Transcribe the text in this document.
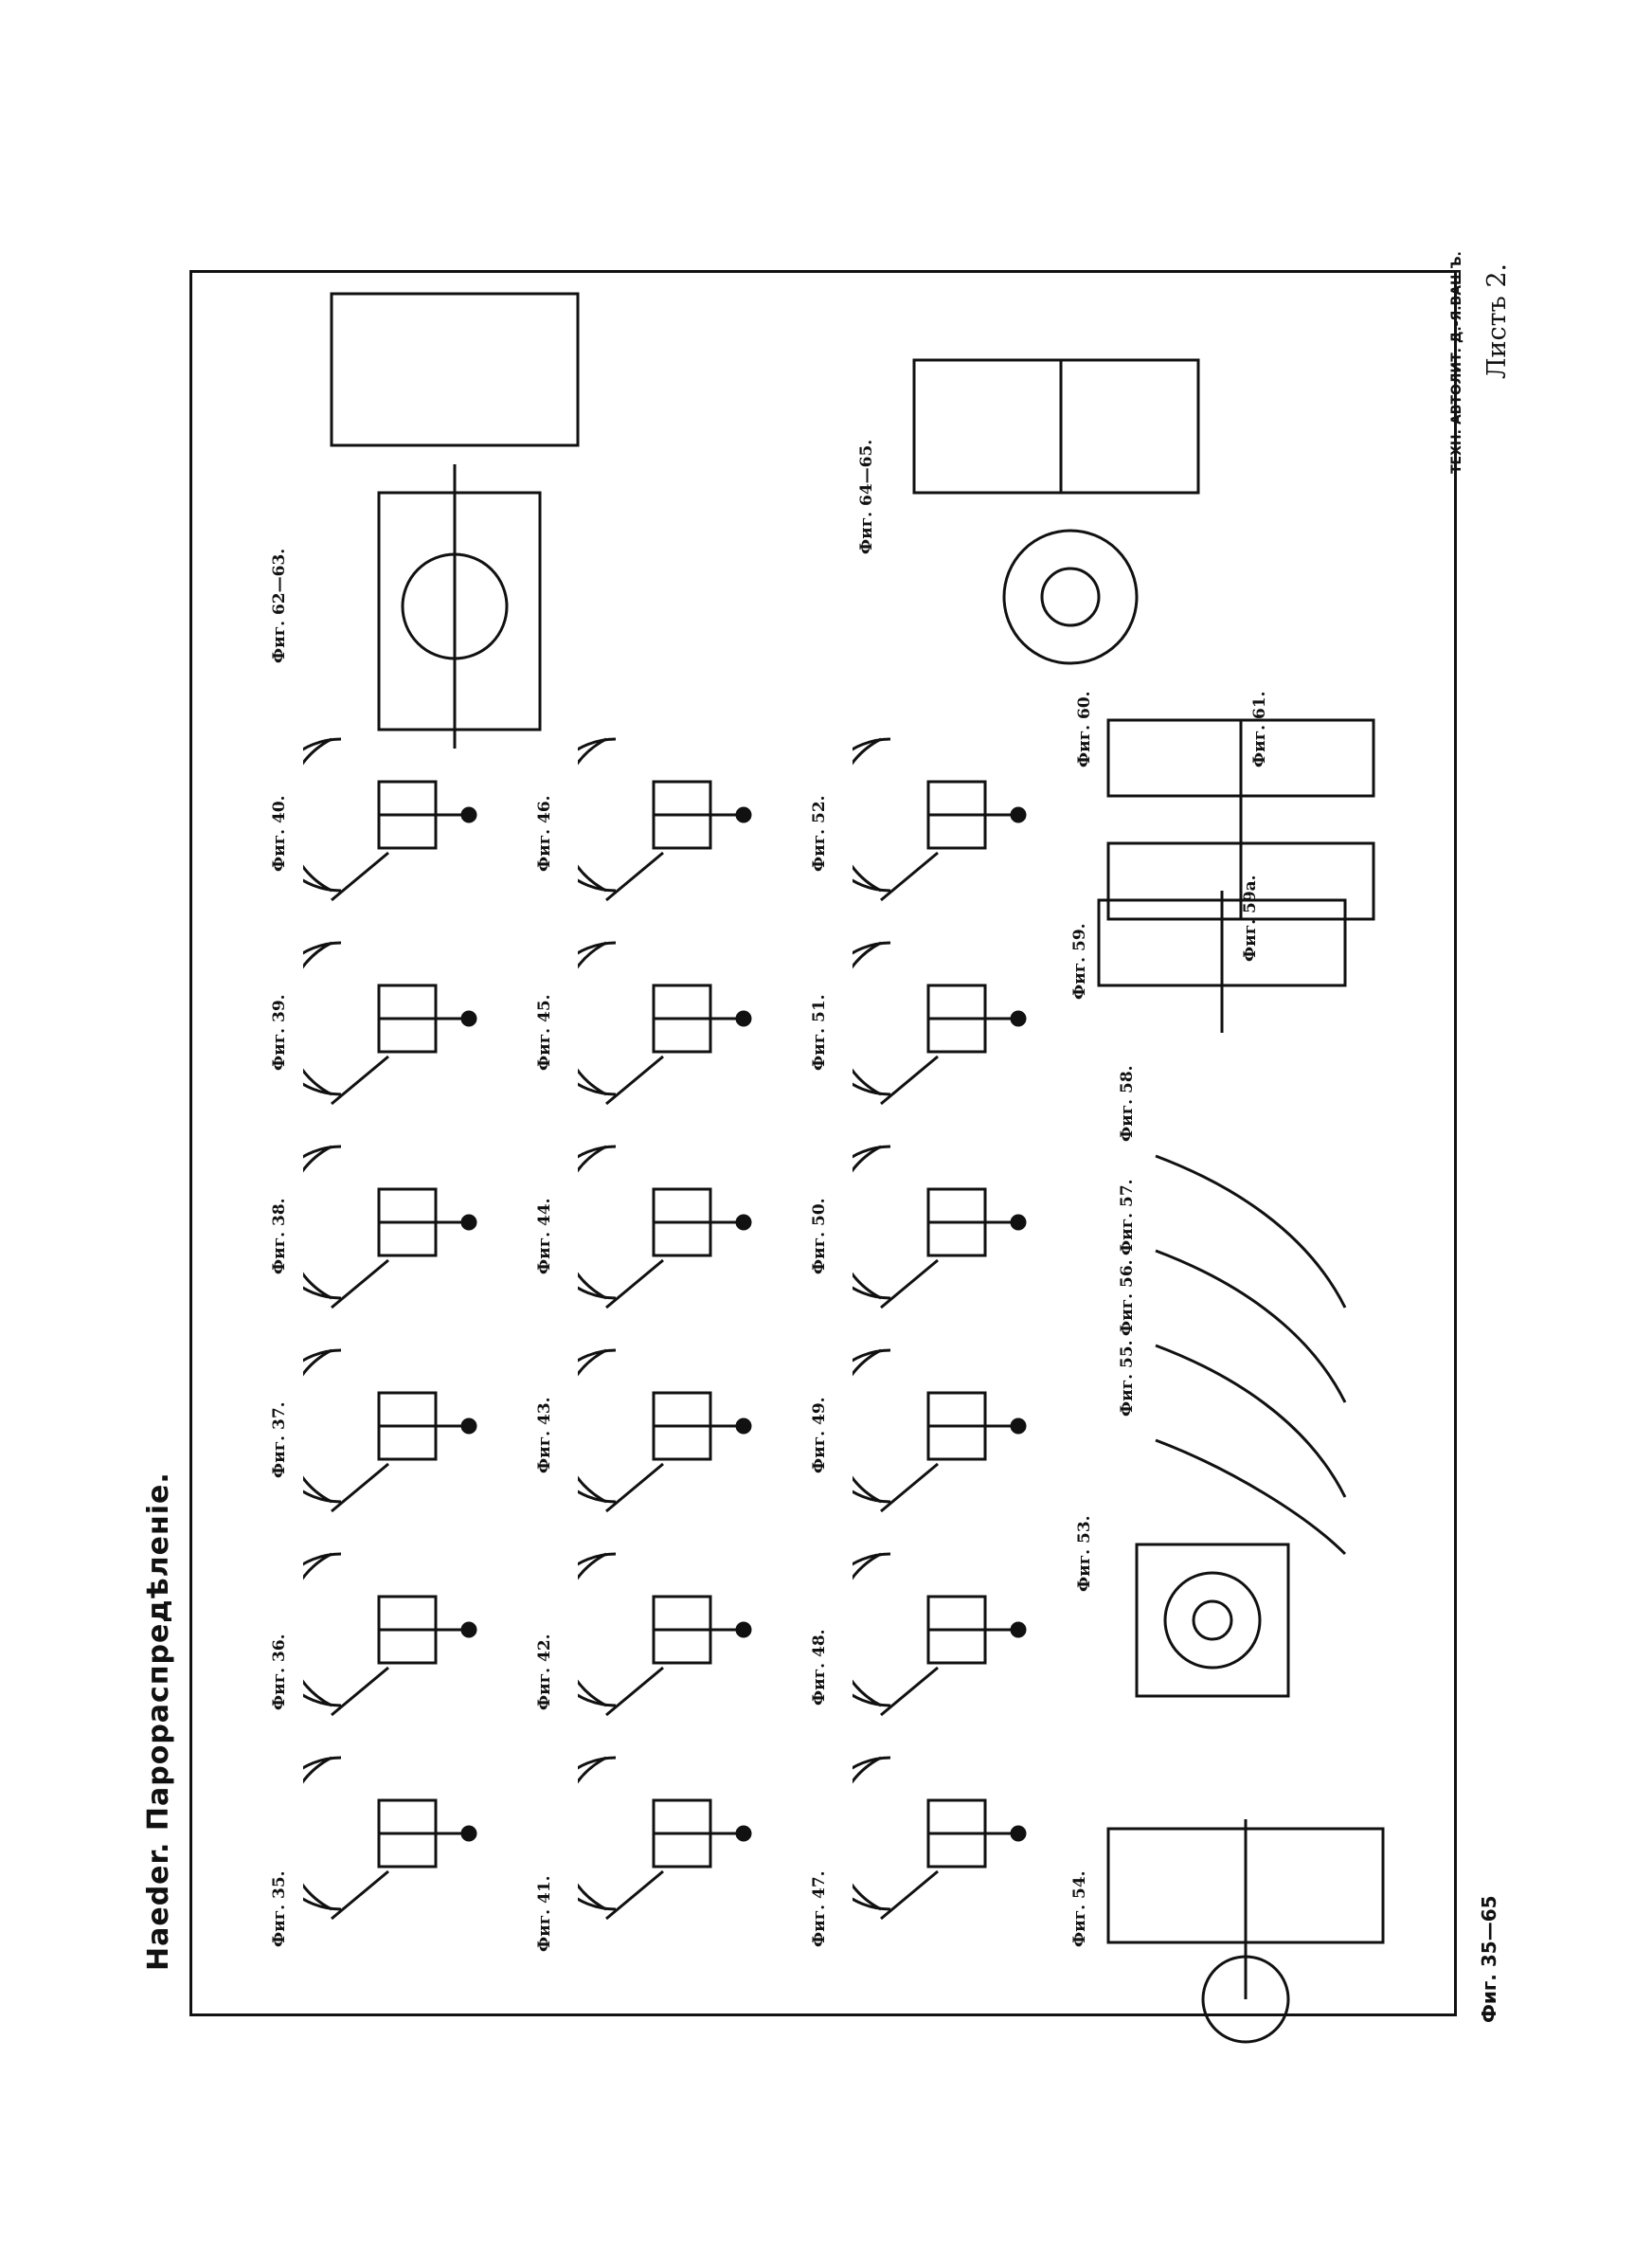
Haeder. Парораспредѣленіе.
Листъ 2.
Фиг. 35—65
ТЕХН. АВТОЛИТ. Д.-Я.ВАШЪ.
Фиг. 35.
Фиг. 36.
Фиг. 37.
Фиг. 38.
Фиг. 39.
Фиг. 40.
Фиг. 41.
Фиг. 42.
Фиг. 43.
Фиг. 44.
Фиг. 45.
Фиг. 46.
Фиг. 47.
Фиг. 48.
Фиг. 49.
Фиг. 50.
Фиг. 51.
Фиг. 52.
Фиг. 54.
Фиг. 53.
Фиг. 55.
Фиг. 56.
Фиг. 57.
Фиг. 58.
Фиг. 59.	Фиг. 59а.
Фиг. 60.	Фиг. 61.
Фиг. 62—63.
Фиг. 64—65.
